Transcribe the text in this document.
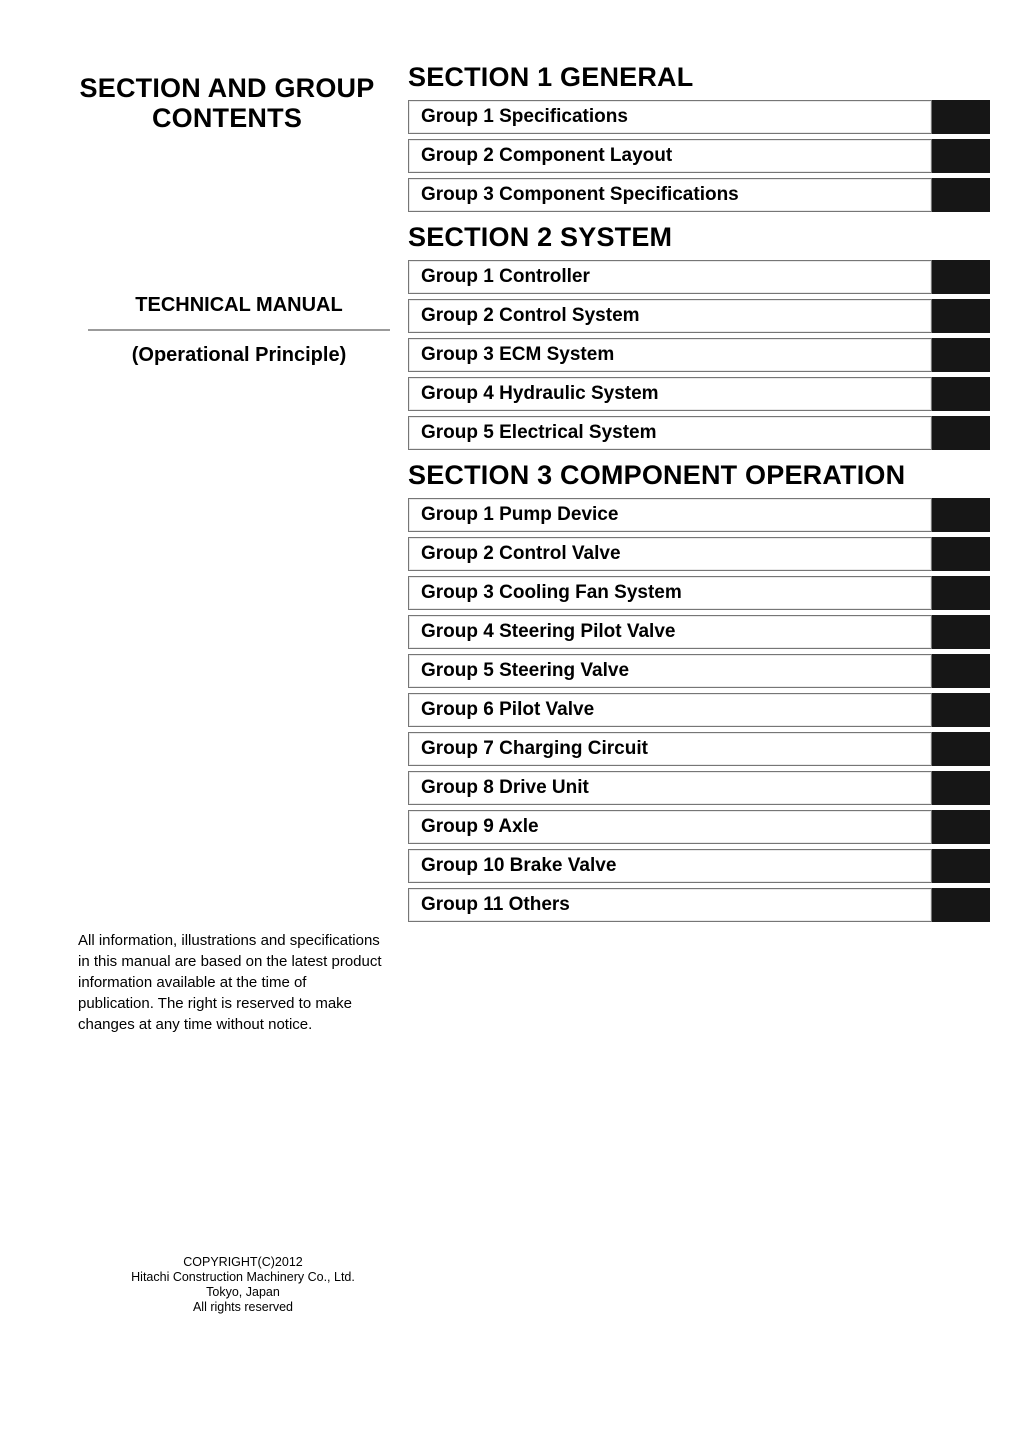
SECTION AND GROUP CONTENTS
TECHNICAL MANUAL
(Operational Principle)

All information, illustrations and specifications in this manual are based on the latest product information available at the time of publication. The right is reserved to make changes at any time without notice.

COPYRIGHT(C)2012
Hitachi Construction Machinery Co., Ltd.
Tokyo, Japan
All rights reserved
SECTION 1 GENERAL
Group 1 Specifications
Group 2 Component Layout
Group 3 Component Specifications
SECTION 2 SYSTEM
Group 1 Controller
Group 2 Control System
Group 3 ECM System
Group 4 Hydraulic System
Group 5 Electrical System
SECTION 3 COMPONENT OPERATION
Group 1 Pump Device
Group 2 Control Valve
Group 3 Cooling Fan System
Group 4 Steering Pilot Valve
Group 5 Steering Valve
Group 6 Pilot Valve
Group 7 Charging Circuit
Group 8 Drive Unit
Group 9 Axle
Group 10 Brake Valve
Group 11 Others
